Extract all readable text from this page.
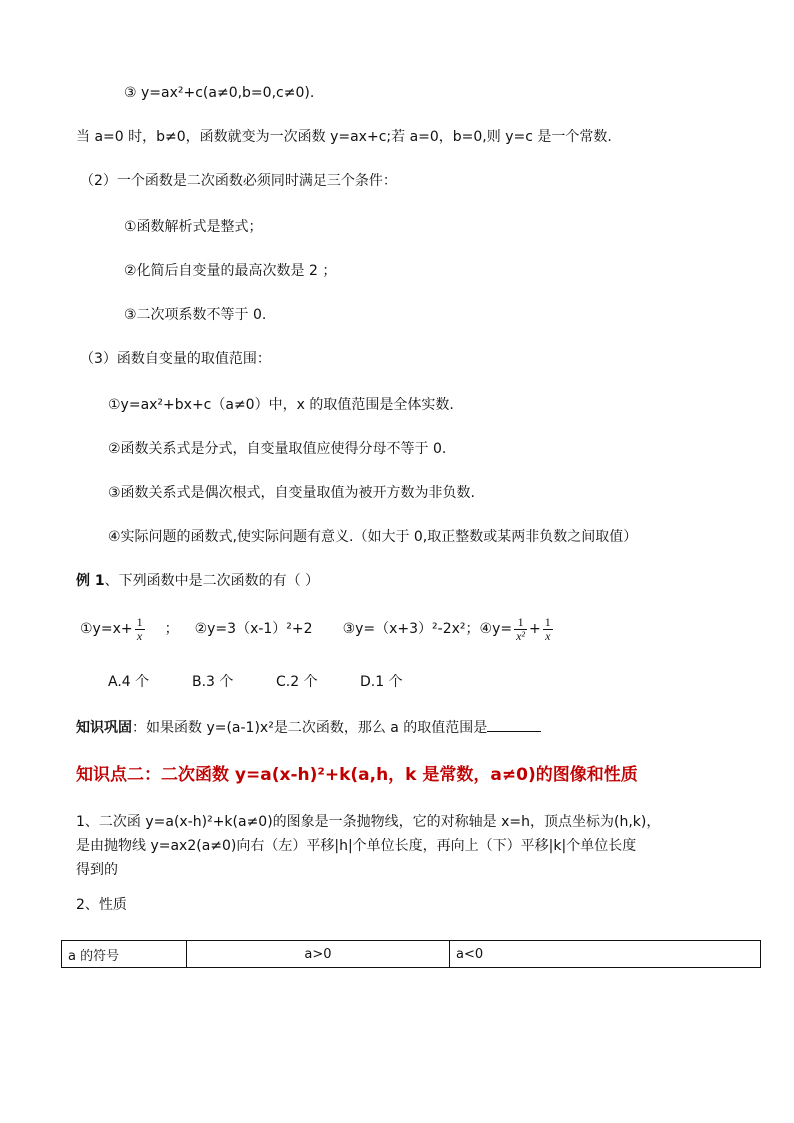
③ y=ax²+c(a≠0,b=0,c≠0).
当 a=0 时，b≠0，函数就变为一次函数 y=ax+c;若 a=0，b=0,则 y=c 是一个常数.
（2）一个函数是二次函数必须同时满足三个条件：
①函数解析式是整式；
②化简后自变量的最高次数是 2 ；
③二次项系数不等于 0.
（3）函数自变量的取值范围：
①y=ax²+bx+c（a≠0）中，x 的取值范围是全体实数.
②函数关系式是分式，自变量取值应使得分母不等于 0.
③函数关系式是偶次根式，自变量取值为被开方数为非负数.
④实际问题的函数式,使实际问题有意义.（如大于 0,取正整数或某两非负数之间取值）
例 1、下列函数中是二次函数的有（ ）
①y=x+ $\frac{1}{x}$ ； ②y=3（x-1）²+2 ③y=（x+3）²-2x²；④y= $\frac{1}{\text{x²}} + \frac{1}{x}$
A.4 个	B.3 个	C.2 个	D.1 个
知识巩固：如果函数 y=(a-1)x²是二次函数，那么 a 的取值范围是
知识点二：二次函数 y=a(x-h)²+k(a,h，k 是常数，a≠0)的图像和性质
1、二次函 y=a(x-h)²+k(a≠0)的图象是一条抛物线，它的对称轴是 x=h，顶点坐标为(h,k)，
是由抛物线 y=ax2(a≠0)向右（左）平移|h|个单位长度，再向上（下）平移|k|个单位长度
得到的
2、性质
a 的符号	a>0	a<0
